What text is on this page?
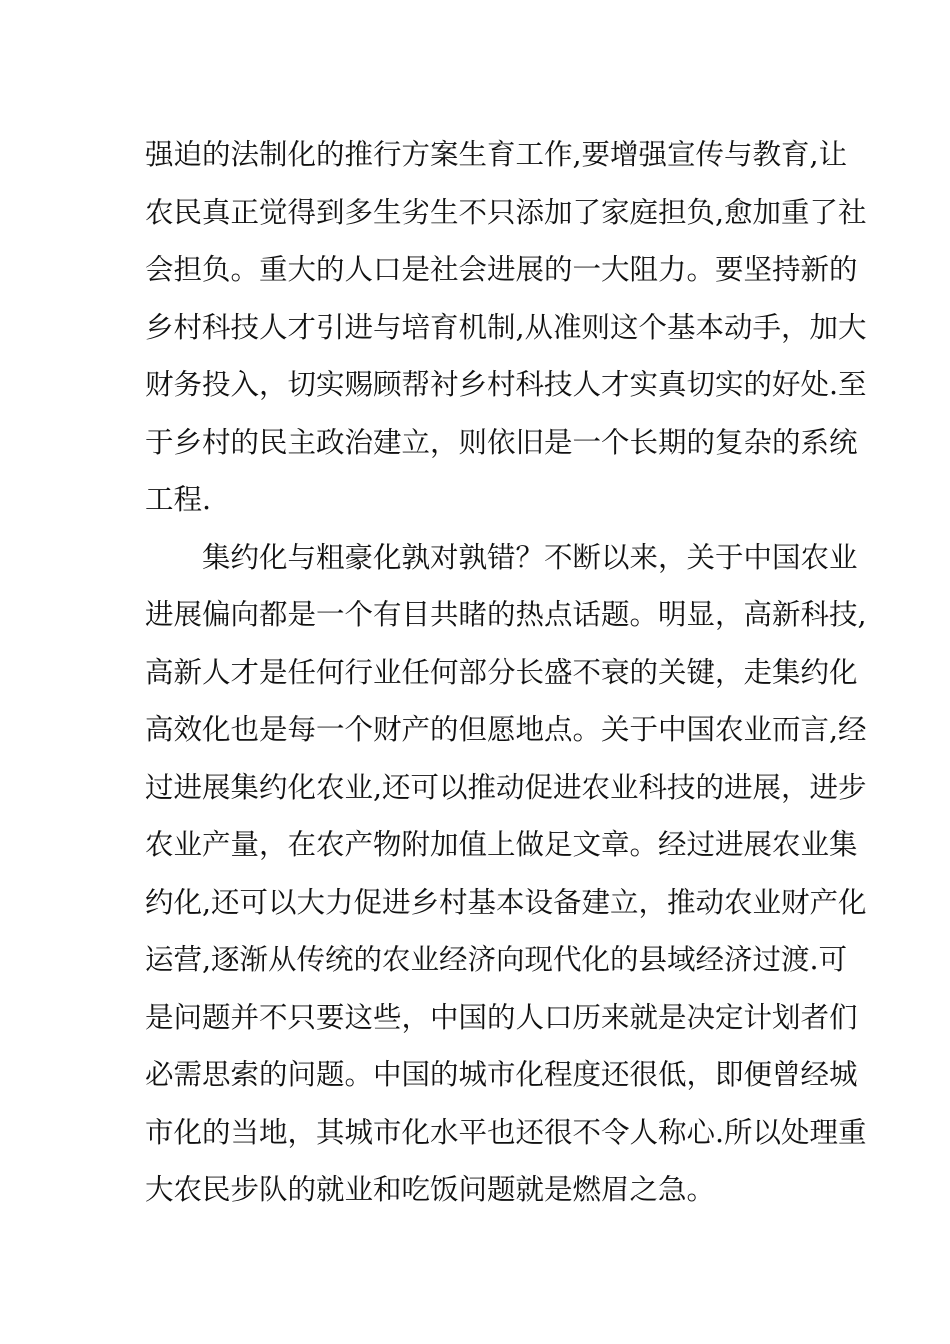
强迫的法制化的推行方案生育工作,要增强宣传与教育,让
农民真正觉得到多生劣生不只添加了家庭担负,愈加重了社
会担负。重大的人口是社会进展的一大阻力。要坚持新的
乡村科技人才引进与培育机制,从准则这个基本动手，加大
财务投入，切实赐顾帮衬乡村科技人才实真切实的好处.至
于乡村的民主政治建立，则依旧是一个长期的复杂的系统
工程.
集约化与粗豪化孰对孰错？不断以来，关于中国农业
进展偏向都是一个有目共睹的热点话题。明显，高新科技,
高新人才是任何行业任何部分长盛不衰的关键，走集约化
高效化也是每一个财产的但愿地点。关于中国农业而言,经
过进展集约化农业,还可以推动促进农业科技的进展，进步
农业产量，在农产物附加值上做足文章。经过进展农业集
约化,还可以大力促进乡村基本设备建立，推动农业财产化
运营,逐渐从传统的农业经济向现代化的县域经济过渡.可
是问题并不只要这些，中国的人口历来就是决定计划者们
必需思索的问题。中国的城市化程度还很低，即便曾经城
市化的当地，其城市化水平也还很不令人称心.所以处理重
大农民步队的就业和吃饭问题就是燃眉之急。
